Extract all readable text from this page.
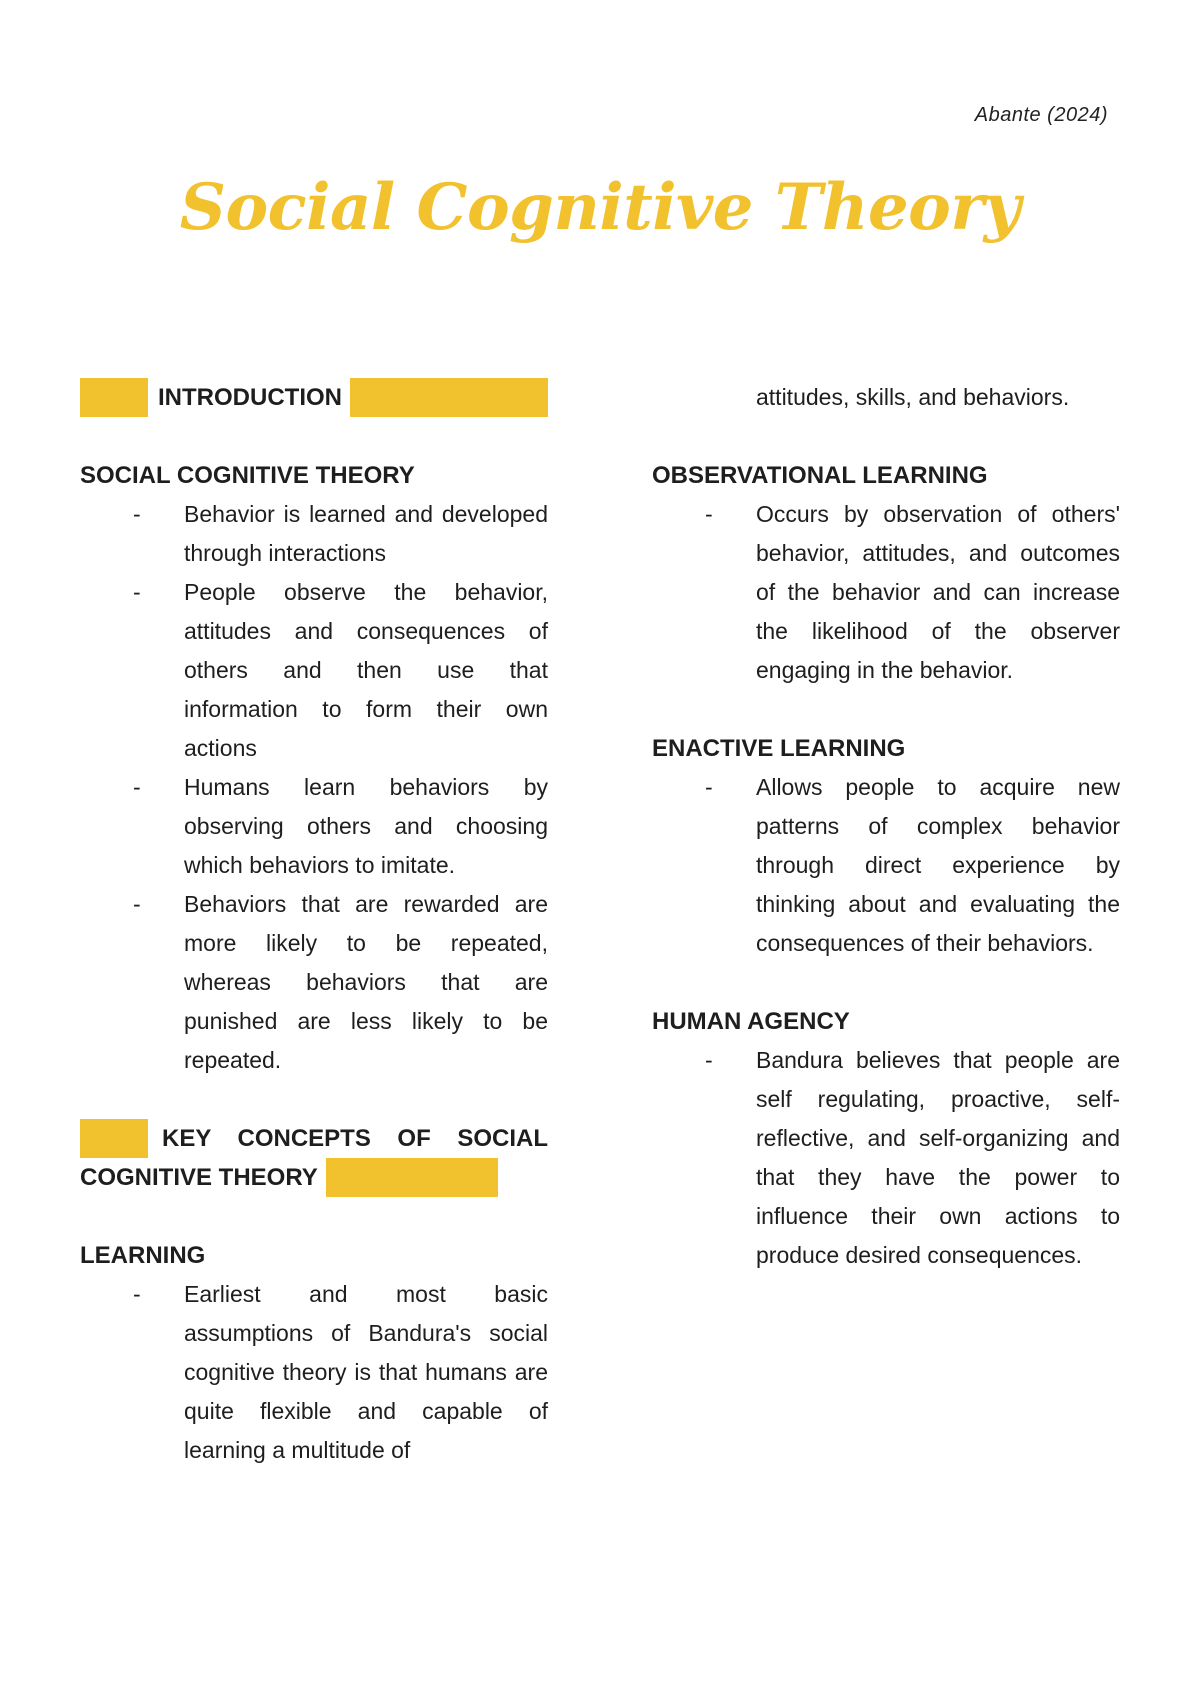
Abante (2024)
Social Cognitive Theory
INTRODUCTION
SOCIAL COGNITIVE THEORY
- Behavior is learned and developed through interactions
- People observe the behavior, attitudes and consequences of others and then use that information to form their own actions
- Humans learn behaviors by observing others and choosing which behaviors to imitate.
- Behaviors that are rewarded are more likely to be repeated, whereas behaviors that are punished are less likely to be repeated.
KEY CONCEPTS OF SOCIAL
COGNITIVE THEORY
LEARNING
- Earliest and most basic assumptions of Bandura's social cognitive theory is that humans are quite flexible and capable of learning a multitude of
attitudes, skills, and behaviors.
OBSERVATIONAL LEARNING
- Occurs by observation of others' behavior, attitudes, and outcomes of the behavior and can increase the likelihood of the observer engaging in the behavior.
ENACTIVE LEARNING
- Allows people to acquire new patterns of complex behavior through direct experience by thinking about and evaluating the consequences of their behaviors.
HUMAN AGENCY
- Bandura believes that people are self regulating, proactive, self-reflective, and self-organizing and that they have the power to influence their own actions to produce desired consequences.
